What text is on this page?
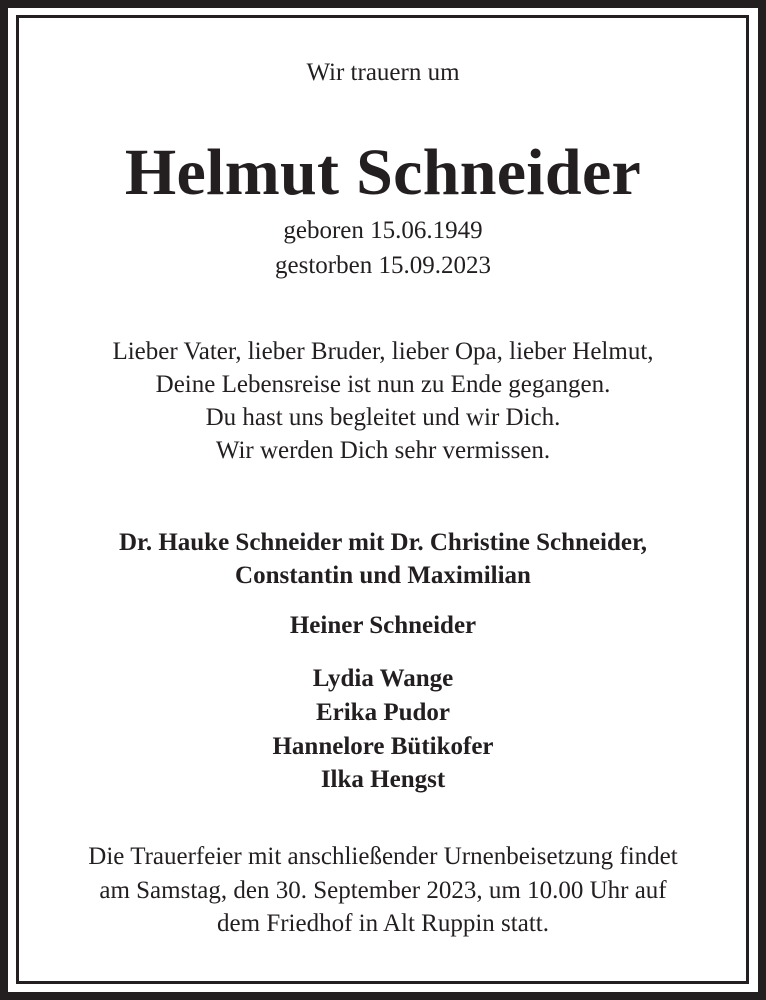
Wir trauern um
Helmut Schneider
geboren 15.06.1949
gestorben 15.09.2023
Lieber Vater, lieber Bruder, lieber Opa, lieber Helmut,
Deine Lebensreise ist nun zu Ende gegangen.
Du hast uns begleitet und wir Dich.
Wir werden Dich sehr vermissen.
Dr. Hauke Schneider mit Dr. Christine Schneider,
Constantin und Maximilian
Heiner Schneider
Lydia Wange
Erika Pudor
Hannelore Bütikofer
Ilka Hengst
Die Trauerfeier mit anschließender Urnenbeisetzung findet
am Samstag, den 30. September 2023, um 10.00 Uhr auf
dem Friedhof in Alt Ruppin statt.
